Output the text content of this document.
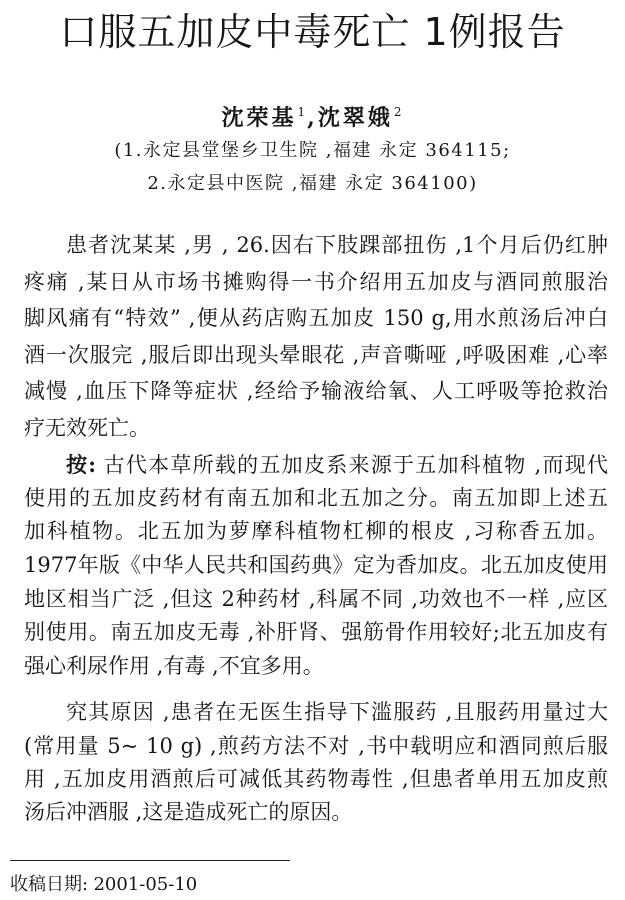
口服五加皮中毒死亡 1例报告
沈荣基$^1$,沈翠娥$^2$
(1.永定县堂堡乡卫生院 ,福建 永定 364115;
2.永定县中医院 ,福建 永定 364100)
患者沈某某 ,男 , 26.因右下肢踝部扭伤 ,1个月后仍红肿
疼痛 ,某日从市场书摊购得一书介绍用五加皮与酒同煎服治
脚风痛有“特效” ,便从药店购五加皮 150 g,用水煎汤后冲白
酒一次服完 ,服后即出现头晕眼花 ,声音嘶哑 ,呼吸困难 ,心率
减慢 ,血压下降等症状 ,经给予输液给氧、人工呼吸等抢救治
疗无效死亡。
按: 古代本草所载的五加皮系来源于五加科植物 ,而现代
使用的五加皮药材有南五加和北五加之分。南五加即上述五
加科植物。北五加为萝摩科植物杠柳的根皮 ,习称香五加。
1977年版《中华人民共和国药典》定为香加皮。北五加皮使用
地区相当广泛 ,但这 2种药材 ,科属不同 ,功效也不一样 ,应区
别使用。南五加皮无毒 ,补肝肾、强筋骨作用较好;北五加皮有
强心利尿作用 ,有毒 ,不宜多用。
究其原因 ,患者在无医生指导下滥服药 ,且服药用量过大
(常用量 5~ 10 g) ,煎药方法不对 ,书中载明应和酒同煎后服
用 ,五加皮用酒煎后可减低其药物毒性 ,但患者单用五加皮煎
汤后冲酒服 ,这是造成死亡的原因。
收稿日期: 2001-05-10
